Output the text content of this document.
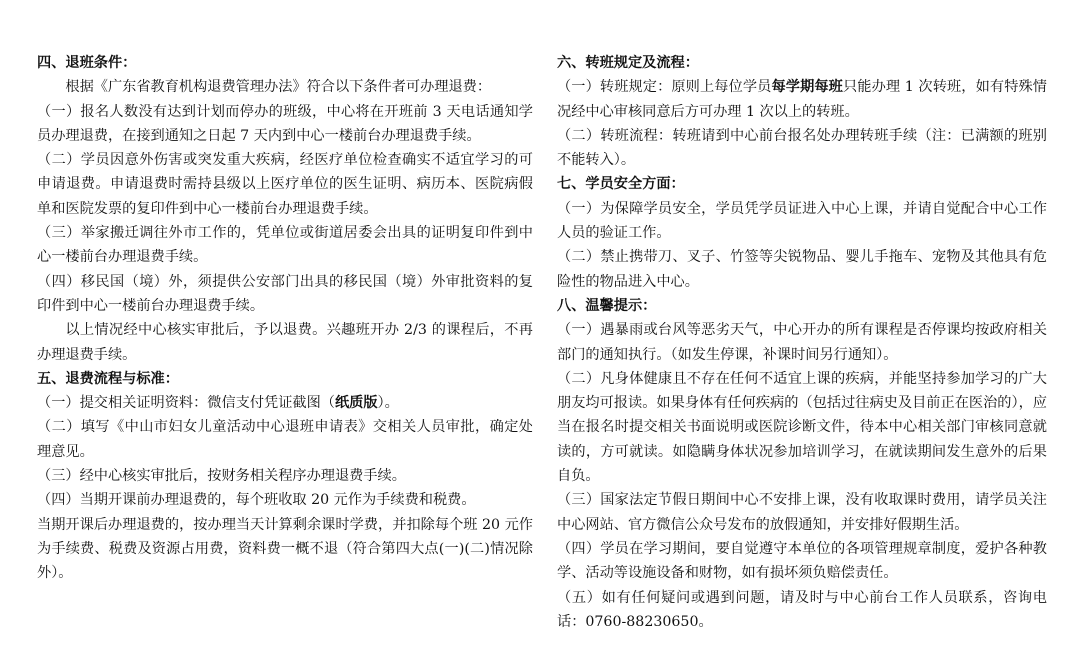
四、退班条件：

根据《广东省教育机构退费管理办法》符合以下条件者可办理退费：

（一）报名人数没有达到计划而停办的班级，中心将在开班前 3 天电话通知学员办理退费，在接到通知之日起 7 天内到中心一楼前台办理退费手续。

（二）学员因意外伤害或突发重大疾病，经医疗单位检查确实不适宜学习的可申请退费。申请退费时需持县级以上医疗单位的医生证明、病历本、医院病假单和医院发票的复印件到中心一楼前台办理退费手续。

（三）举家搬迁调往外市工作的，凭单位或街道居委会出具的证明复印件到中心一楼前台办理退费手续。

（四）移民国（境）外，须提供公安部门出具的移民国（境）外审批资料的复印件到中心一楼前台办理退费手续。

以上情况经中心核实审批后，予以退费。兴趣班开办 2/3 的课程后，不再办理退费手续。

五、退费流程与标准：

（一）提交相关证明资料：微信支付凭证截图（纸质版）。

（二）填写《中山市妇女儿童活动中心退班申请表》交相关人员审批，确定处理意见。

（三）经中心核实审批后，按财务相关程序办理退费手续。

（四）当期开课前办理退费的，每个班收取 20 元作为手续费和税费。

当期开课后办理退费的，按办理当天计算剩余课时学费，并扣除每个班 20 元作为手续费、税费及资源占用费，资料费一概不退（符合第四大点(一)(二)情况除外）。

六、转班规定及流程：

（一）转班规定：原则上每位学员每学期每班只能办理 1 次转班，如有特殊情况经中心审核同意后方可办理 1 次以上的转班。

（二）转班流程：转班请到中心前台报名处办理转班手续（注：已满额的班别不能转入）。

七、学员安全方面：

（一）为保障学员安全，学员凭学员证进入中心上课，并请自觉配合中心工作人员的验证工作。

（二）禁止携带刀、叉子、竹签等尖锐物品、婴儿手拖车、宠物及其他具有危险性的物品进入中心。

八、温馨提示：

（一）遇暴雨或台风等恶劣天气，中心开办的所有课程是否停课均按政府相关部门的通知执行。（如发生停课，补课时间另行通知）。

（二）凡身体健康且不存在任何不适宜上课的疾病，并能坚持参加学习的广大朋友均可报读。如果身体有任何疾病的（包括过往病史及目前正在医治的），应当在报名时提交相关书面说明或医院诊断文件，待本中心相关部门审核同意就读的，方可就读。如隐瞒身体状况参加培训学习，在就读期间发生意外的后果自负。

（三）国家法定节假日期间中心不安排上课，没有收取课时费用，请学员关注中心网站、官方微信公众号发布的放假通知，并安排好假期生活。

（四）学员在学习期间，要自觉遵守本单位的各项管理规章制度，爱护各种教学、活动等设施设备和财物，如有损坏须负赔偿责任。

（五）如有任何疑问或遇到问题，请及时与中心前台工作人员联系，咨询电话：0760-88230650。
